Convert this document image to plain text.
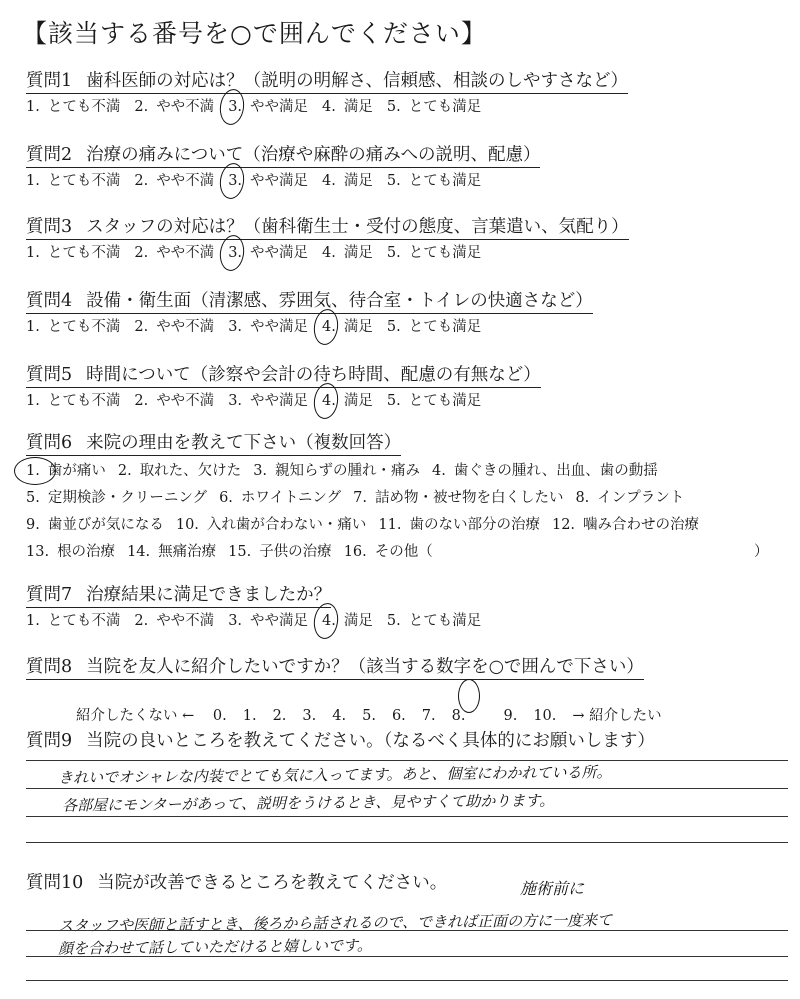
【該当する番号を○で囲んでください】
質問1 歯科医師の対応は？（説明の明解さ、信頼感、相談のしやすさなど）
1. とても不満 2. やや不満 3. やや満足 4. 満足 5. とても満足
質問2 治療の痛みについて（治療や麻酔の痛みへの説明、配慮）
1. とても不満 2. やや不満 3. やや満足 4. 満足 5. とても満足
質問3 スタッフの対応は？（歯科衛生士・受付の態度、言葉遣い、気配り）
1. とても不満 2. やや不満 3. やや満足 4. 満足 5. とても満足
質問4 設備・衛生面（清潔感、雰囲気、待合室・トイレの快適さなど）
1. とても不満 2. やや不満 3. やや満足 4. 満足 5. とても満足
質問5 時間について（診察や会計の待ち時間、配慮の有無など）
1. とても不満 2. やや不満 3. やや満足 4. 満足 5. とても満足
質問6 来院の理由を教えて下さい（複数回答）
1. 歯が痛い 2. 取れた、欠けた 3. 親知らずの腫れ・痛み 4. 歯ぐきの腫れ、出血、歯の動揺
5. 定期検診・クリーニング 6. ホワイトニング 7. 詰め物・被せ物を白くしたい 8. インプラント
9. 歯並びが気になる 10. 入れ歯が合わない・痛い 11. 歯のない部分の治療 12. 噛み合わせの治療
13. 根の治療 14. 無痛治療 15. 子供の治療 16. その他（	）
質問7 治療結果に満足できましたか？
1. とても不満 2. やや不満 3. やや満足 4. 満足 5. とても満足
質問8 当院を友人に紹介したいですか？（該当する数字を○で囲んで下さい）
紹介したくない ← 0. 1. 2. 3. 4. 5. 6. 7. 8.	9. 10. → 紹介したい
質問9 当院の良いところを教えてください。（なるべく具体的にお願いします）
きれいでオシャレな内装でとても気に入ってます。あと、個室にわかれている所。
各部屋にモンターがあって、説明をうけるとき、見やすくて助かります。
質問10 当院が改善できるところを教えてください。	施術前に
スタッフや医師と話すとき、後ろから話されるので、できれば正面の方に一度来て
顔を合わせて話していただけると嬉しいです。
